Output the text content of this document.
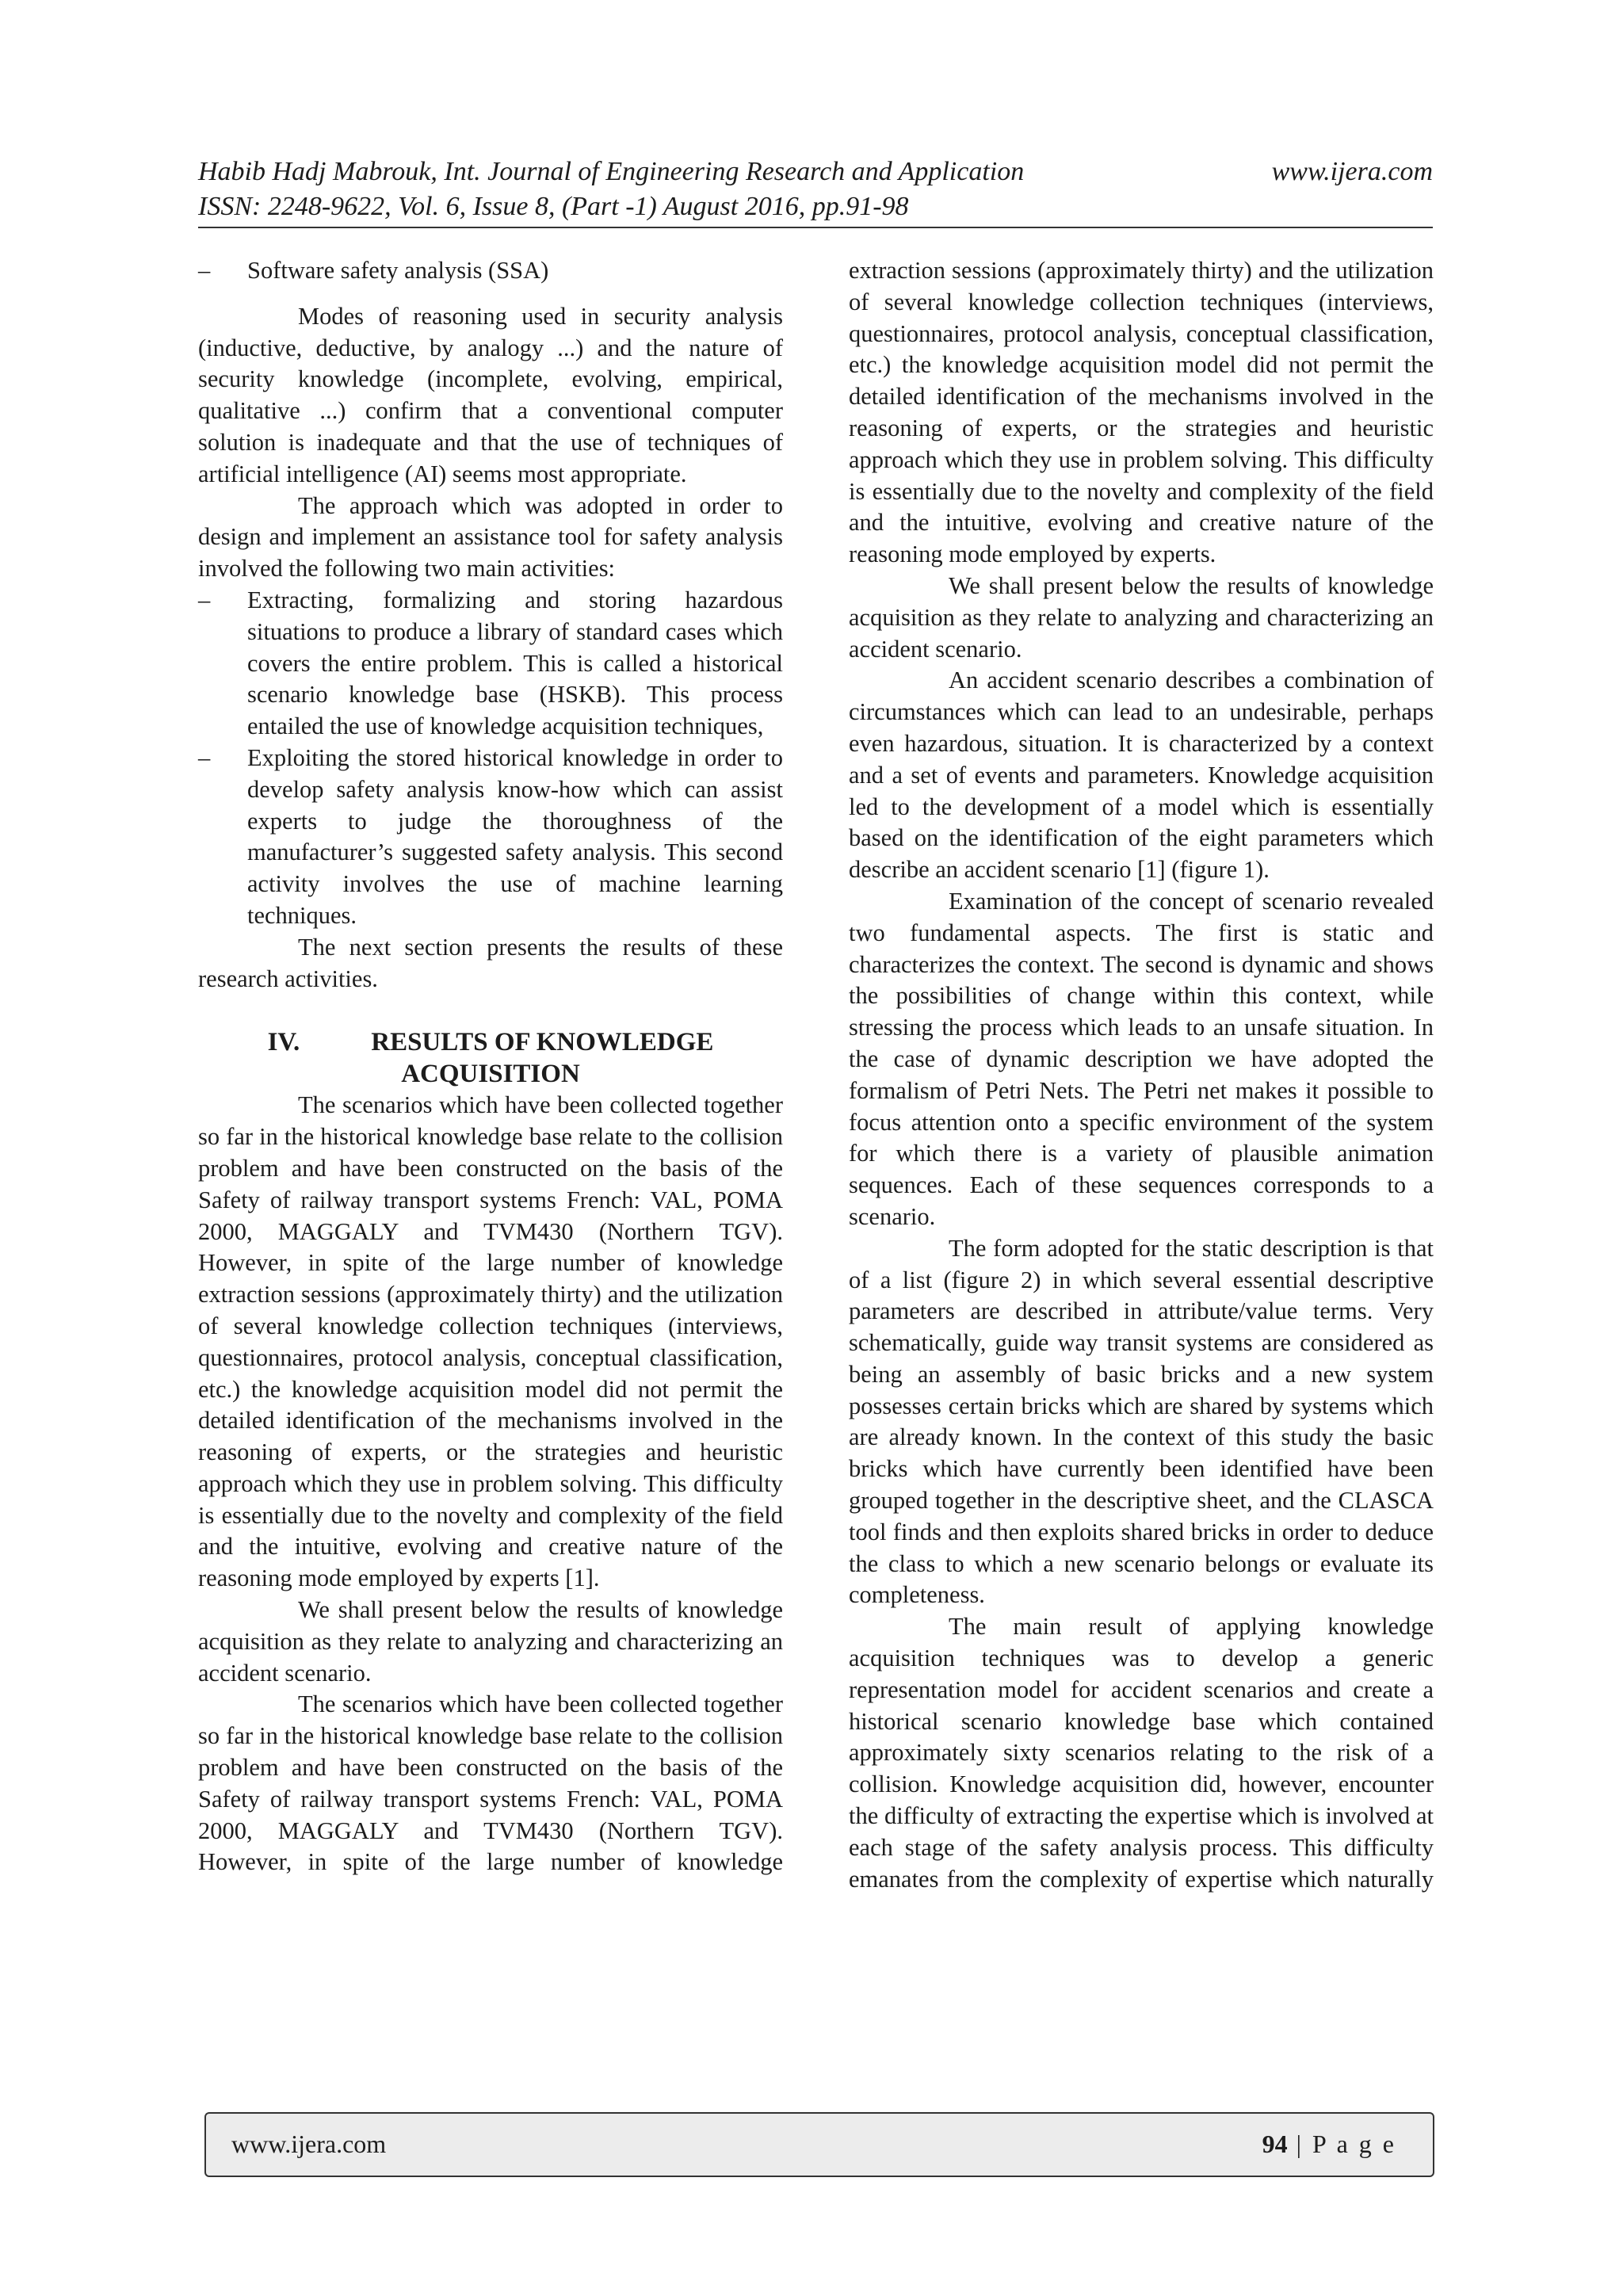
Habib Hadj Mabrouk, Int. Journal of Engineering Research and Application
ISSN: 2248-9622, Vol. 6, Issue 8, (Part -1) August 2016, pp.91-98
www.ijera.com
– Software safety analysis (SSA)

Modes of reasoning used in security analysis (inductive, deductive, by analogy ...) and the nature of security knowledge (incomplete, evolving, empirical, qualitative ...) confirm that a conventional computer solution is inadequate and that the use of techniques of artificial intelligence (AI) seems most appropriate.

The approach which was adopted in order to design and implement an assistance tool for safety analysis involved the following two main activities:

– Extracting, formalizing and storing hazardous situations to produce a library of standard cases which covers the entire problem. This is called a historical scenario knowledge base (HSKB). This process entailed the use of knowledge acquisition techniques,
– Exploiting the stored historical knowledge in order to develop safety analysis know-how which can assist experts to judge the thoroughness of the manufacturer’s suggested safety analysis. This second activity involves the use of machine learning techniques.

The next section presents the results of these research activities.

IV.	RESULTS OF KNOWLEDGE
ACQUISITION

The scenarios which have been collected together so far in the historical knowledge base relate to the collision problem and have been constructed on the basis of the Safety of railway transport systems French: VAL, POMA 2000, MAGGALY and TVM430 (Northern TGV). However, in spite of the large number of knowledge extraction sessions (approximately thirty) and the utilization of several knowledge collection techniques (interviews, questionnaires, protocol analysis, conceptual classification, etc.) the knowledge acquisition model did not permit the detailed identification of the mechanisms involved in the reasoning of experts, or the strategies and heuristic approach which they use in problem solving. This difficulty is essentially due to the novelty and complexity of the field and the intuitive, evolving and creative nature of the reasoning mode employed by experts [1].

We shall present below the results of knowledge acquisition as they relate to analyzing and characterizing an accident scenario.

The scenarios which have been collected together so far in the historical knowledge base relate to the collision problem and have been constructed on the basis of the Safety of railway transport systems French: VAL, POMA 2000, MAGGALY and TVM430 (Northern TGV). However, in spite of the large number of knowledge

extraction sessions (approximately thirty) and the utilization of several knowledge collection techniques (interviews, questionnaires, protocol analysis, conceptual classification, etc.) the knowledge acquisition model did not permit the detailed identification of the mechanisms involved in the reasoning of experts, or the strategies and heuristic approach which they use in problem solving. This difficulty is essentially due to the novelty and complexity of the field and the intuitive, evolving and creative nature of the reasoning mode employed by experts.

We shall present below the results of knowledge acquisition as they relate to analyzing and characterizing an accident scenario.

An accident scenario describes a combination of circumstances which can lead to an undesirable, perhaps even hazardous, situation. It is characterized by a context and a set of events and parameters. Knowledge acquisition led to the development of a model which is essentially based on the identification of the eight parameters which describe an accident scenario [1] (figure 1).

Examination of the concept of scenario revealed two fundamental aspects. The first is static and characterizes the context. The second is dynamic and shows the possibilities of change within this context, while stressing the process which leads to an unsafe situation. In the case of dynamic description we have adopted the formalism of Petri Nets. The Petri net makes it possible to focus attention onto a specific environment of the system for which there is a variety of plausible animation sequences. Each of these sequences corresponds to a scenario.

The form adopted for the static description is that of a list (figure 2) in which several essential descriptive parameters are described in attribute/value terms. Very schematically, guide way transit systems are considered as being an assembly of basic bricks and a new system possesses certain bricks which are shared by systems which are already known. In the context of this study the basic bricks which have currently been identified have been grouped together in the descriptive sheet, and the CLASCA tool finds and then exploits shared bricks in order to deduce the class to which a new scenario belongs or evaluate its completeness.

The main result of applying knowledge acquisition techniques was to develop a generic representation model for accident scenarios and create a historical scenario knowledge base which contained approximately sixty scenarios relating to the risk of a collision. Knowledge acquisition did, however, encounter the difficulty of extracting the expertise which is involved at each stage of the safety analysis process. This difficulty emanates from the complexity of expertise which naturally

www.ijera.com	94 | P a g e
